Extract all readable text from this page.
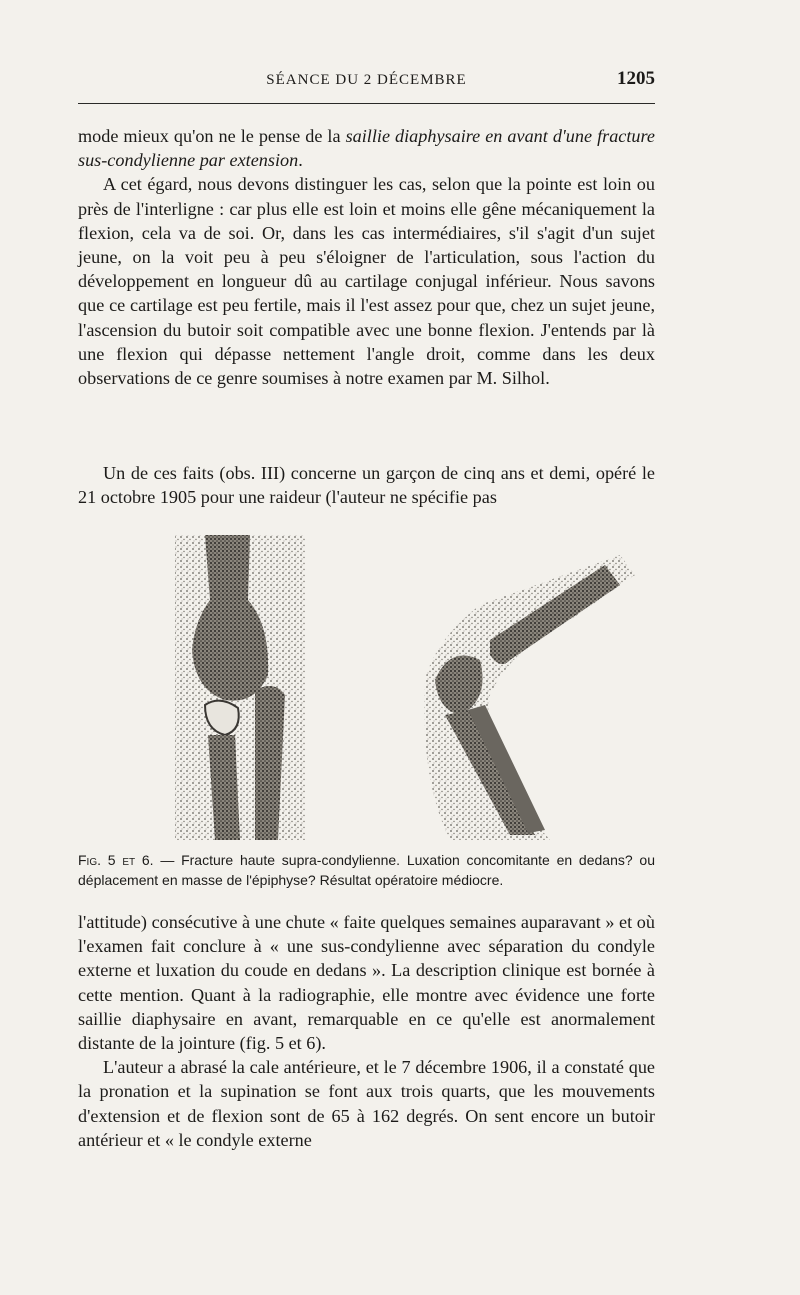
SÉANCE DU 2 DÉCEMBRE	1205

mode mieux qu'on ne le pense de la saillie diaphysaire en avant d'une fracture sus-condylienne par extension.

A cet égard, nous devons distinguer les cas, selon que la pointe est loin ou près de l'interligne : car plus elle est loin et moins elle gêne mécaniquement la flexion, cela va de soi. Or, dans les cas intermédiaires, s'il s'agit d'un sujet jeune, on la voit peu à peu s'éloigner de l'articulation, sous l'action du développement en longueur dû au cartilage conjugal inférieur. Nous savons que ce cartilage est peu fertile, mais il l'est assez pour que, chez un sujet jeune, l'ascension du butoir soit compatible avec une bonne flexion. J'entends par là une flexion qui dépasse nettement l'angle droit, comme dans les deux observations de ce genre soumises à notre examen par M. Silhol.

Un de ces faits (obs. III) concerne un garçon de cinq ans et demi, opéré le 21 octobre 1905 pour une raideur (l'auteur ne spécifie pas

Fig. 5 et 6. — Fracture haute supra-condylienne. Luxation concomitante en dedans? ou déplacement en masse de l'épiphyse? Résultat opératoire médiocre.

l'attitude) consécutive à une chute « faite quelques semaines auparavant » et où l'examen fait conclure à « une sus-condylienne avec séparation du condyle externe et luxation du coude en dedans ». La description clinique est bornée à cette mention. Quant à la radiographie, elle montre avec évidence une forte saillie diaphysaire en avant, remarquable en ce qu'elle est anormalement distante de la jointure (fig. 5 et 6).

L'auteur a abrasé la cale antérieure, et le 7 décembre 1906, il a constaté que la pronation et la supination se font aux trois quarts, que les mouvements d'extension et de flexion sont de 65 à 162 degrés. On sent encore un butoir antérieur et « le condyle externe
